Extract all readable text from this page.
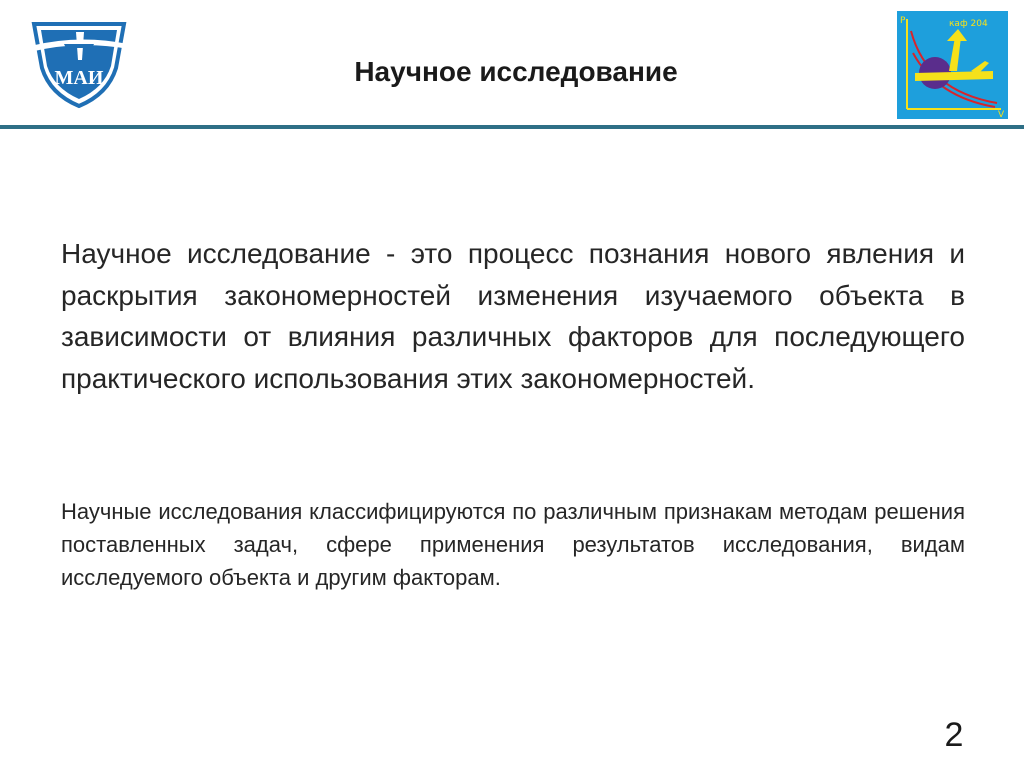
МАИ	Научное исследование
P
V
каф 204

Научное исследование - это процесс познания нового явления и раскрытия закономерностей изменения изучаемого объекта в зависимости от влияния различных факторов для последующего практического использования этих закономерностей.

Научные исследования классифицируются по различным признакам методам решения поставленных задач, сфере применения результатов исследования, видам исследуемого объекта и другим факторам.

2
